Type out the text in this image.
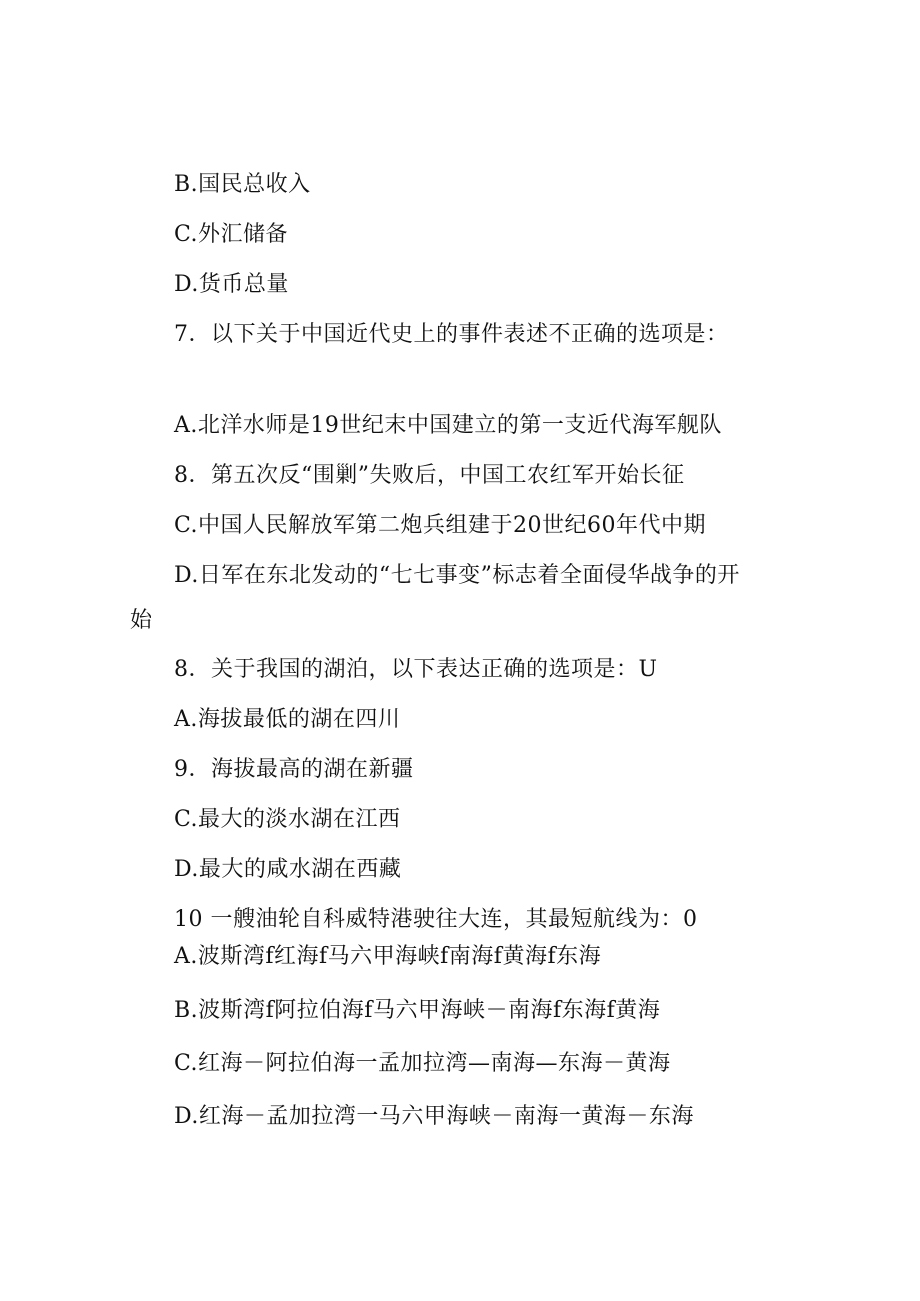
B.国民总收入
C.外汇储备
D.货币总量
7．以下关于中国近代史上的事件表述不正确的选项是：
A.北洋水师是19世纪末中国建立的第一支近代海军舰队
8．第五次反“围剿”失败后，中国工农红军开始长征
C.中国人民解放军第二炮兵组建于20世纪60年代中期
D.日军在东北发动的“七七事变”标志着全面侵华战争的开
始
8．关于我国的湖泊，以下表达正确的选项是：U
A.海拔最低的湖在四川
9．海拔最高的湖在新疆
C.最大的淡水湖在江西
D.最大的咸水湖在西藏
10 一艘油轮自科威特港驶往大连，其最短航线为：0
A.波斯湾f红海f马六甲海峡f南海f黄海f东海
B.波斯湾f阿拉伯海f马六甲海峡－南海f东海f黄海
C.红海－阿拉伯海一孟加拉湾—南海—东海－黄海
D.红海－孟加拉湾一马六甲海峡－南海一黄海－东海
